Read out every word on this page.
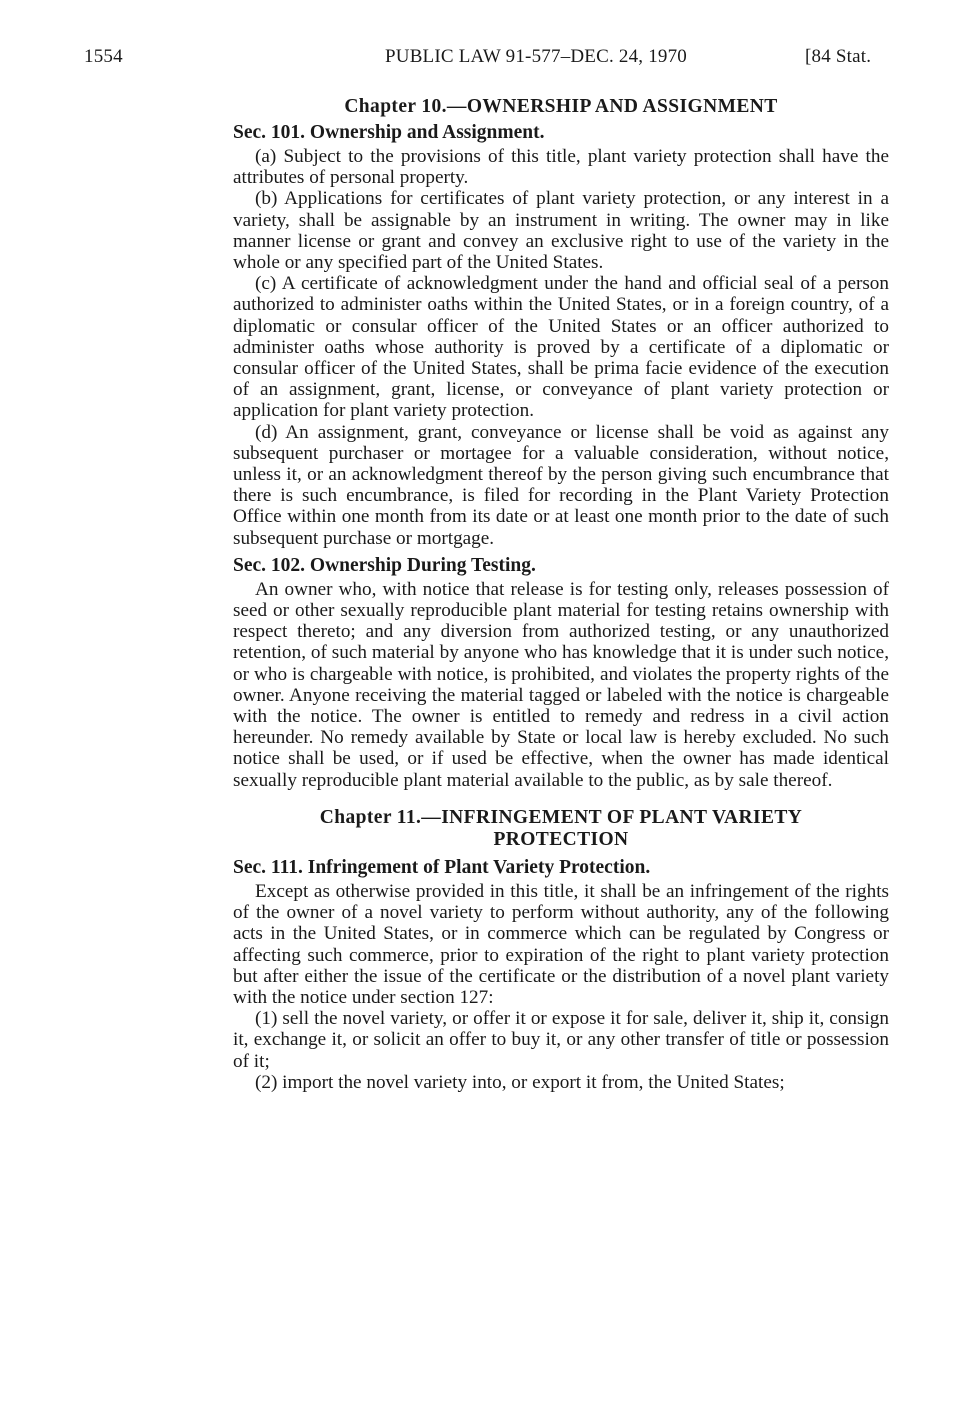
1554	PUBLIC LAW 91-577–DEC. 24, 1970	[84 Stat.
Chapter 10.—OWNERSHIP AND ASSIGNMENT
Sec. 101. Ownership and Assignment.

(a) Subject to the provisions of this title, plant variety protection shall have the attributes of personal property.

(b) Applications for certificates of plant variety protection, or any interest in a variety, shall be assignable by an instrument in writing. The owner may in like manner license or grant and convey an exclusive right to use of the variety in the whole or any specified part of the United States.

(c) A certificate of acknowledgment under the hand and official seal of a person authorized to administer oaths within the United States, or in a foreign country, of a diplomatic or consular officer of the United States or an officer authorized to administer oaths whose authority is proved by a certificate of a diplomatic or consular officer of the United States, shall be prima facie evidence of the execution of an assignment, grant, license, or conveyance of plant variety protection or application for plant variety protection.

(d) An assignment, grant, conveyance or license shall be void as against any subsequent purchaser or mortagee for a valuable consideration, without notice, unless it, or an acknowledgment thereof by the person giving such encumbrance that there is such encumbrance, is filed for recording in the Plant Variety Protection Office within one month from its date or at least one month prior to the date of such subsequent purchase or mortgage.

Sec. 102. Ownership During Testing.

An owner who, with notice that release is for testing only, releases possession of seed or other sexually reproducible plant material for testing retains ownership with respect thereto; and any diversion from authorized testing, or any unauthorized retention, of such material by anyone who has knowledge that it is under such notice, or who is chargeable with notice, is prohibited, and violates the property rights of the owner. Anyone receiving the material tagged or labeled with the notice is chargeable with the notice. The owner is entitled to remedy and redress in a civil action hereunder. No remedy available by State or local law is hereby excluded. No such notice shall be used, or if used be effective, when the owner has made identical sexually reproducible plant material available to the public, as by sale thereof.

Chapter 11.—INFRINGEMENT OF PLANT VARIETY
PROTECTION
Sec. 111. Infringement of Plant Variety Protection.

Except as otherwise provided in this title, it shall be an infringement of the rights of the owner of a novel variety to perform without authority, any of the following acts in the United States, or in commerce which can be regulated by Congress or affecting such commerce, prior to expiration of the right to plant variety protection but after either the issue of the certificate or the distribution of a novel plant variety with the notice under section 127:

(1) sell the novel variety, or offer it or expose it for sale, deliver it, ship it, consign it, exchange it, or solicit an offer to buy it, or any other transfer of title or possession of it;

(2) import the novel variety into, or export it from, the United States;
